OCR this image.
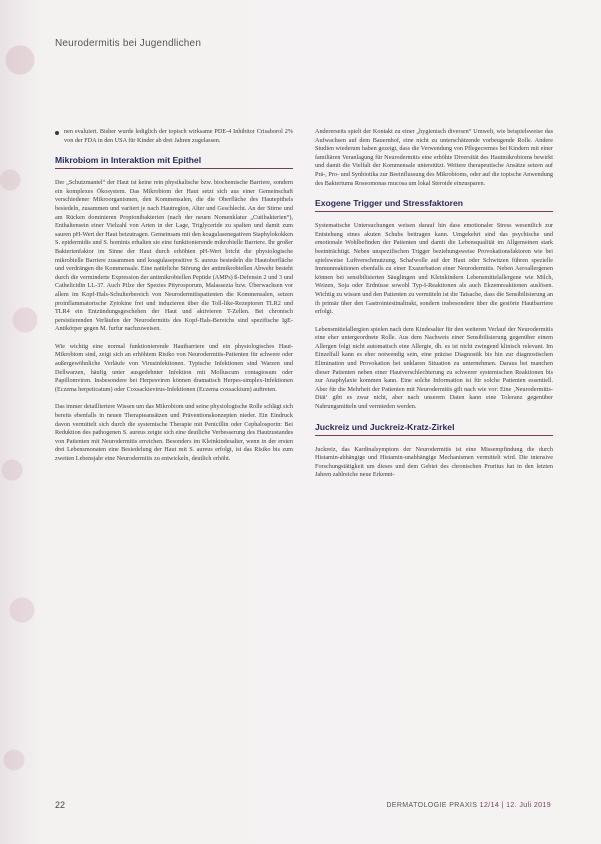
Neurodermitis bei Jugendlichen

nen evaluiert. Bisher wurde lediglich der topisch wirksame PDE-4 Inhibitor Crisaborol 2% von der FDA in den USA für Kinder ab drei Jahren zugelassen.

Mikrobiom in Interaktion mit Epithel

Der „Schutzmantel“ der Haut ist keine rein physikalische bzw. biochemische Barriere, sondern ein komplexes Ökosystem. Das Mikrobiom der Haut setzt sich aus einer Gemeinschaft verschiedener Mikroorganismen, den Kommensalen, die die Oberfläche des Hautepithels besiedeln, zusammen und variiert je nach Hautregion, Alter und Geschlecht. An der Stirne und am Rücken dominieren Propionibakterien (nach der neuen Nomenklatur „Cutibakterien“), Enthaltensein einer Vielzahl von Arten in der Lage, Triglyceride zu spalten und damit zum sauren pH-Wert der Haut beizutragen. Gemeinsam mit den koagulasenegativen Staphylokokken S. epidermidis und S. hominis erhalten sie eine funktionierende mikrobielle Barriere. Ihr großer Bakterienfaktor im Sinne der Haut durch erhöhten pH-Wert bricht die physiologische mikrobielle Barriere zusammen und koagulasepositive S. aureus besiedeln die Hautoberfläche und verdrängen die Kommensale. Eine natürliche Störung der antimikrobiellen Abwehr besteht durch die verminderte Expression der antimikrobiellen Peptide (AMPs) ß-Defensin 2 und 3 und Cathelicidin LL-37. Auch Pilze der Spezies Pityrosporum, Malassezia bzw. Überwachsen vor allem im Kopf-Hals-Schulterbereich von Neurodermitispatienten die Kommensalen, setzen proinflammatorische Zytokine frei und induzieren über die Toll-like-Rezeptoren TLR2 und TLR4 ein Entzündungsgeschehen der Haut und aktivieren T-Zellen. Bei chronisch persistierenden Verläufen der Neurodermitis des Kopf-Hals-Bereichs sind spezifische IgE-Antikörper gegen M. furfur nachzuweisen.

Wie wichtig eine normal funktionierende Hautbarriere und ein physiologisches Haut-Mikrobiom sind, zeigt sich an erhöhtem Risiko von Neurodermitis-Patienten für schwere oder außergewöhnliche Verläufe von Virusinfektionen. Typische Infektionen sind Warzen und Dellwarzen, häufig unter ausgedehnter Infektion mit Molluscum contagiosum oder Papillomviren. Insbesondere bei Herpesviren können dramatisch Herpes-simplex-Infektionen (Eczema herpeticatum) oder Coxsackievirus-Infektionen (Eczema coxsackium) auftreten.

Das immer detailliertere Wissen um das Mikrobiom und seine physiologische Rolle schlägt sich bereits ebenfalls in neuen Therapieansätzen und Präventionskonzepten nieder. Ein Eindruck davon vermittelt sich durch die systemische Therapie mit Penicillin oder Cephalosporin: Bei Reduktion des pathogenen S. aureus zeigte sich eine deutliche Verbesserung des Hautzustandes von Patienten mit Neurodermitis erreichen. Besonders im Kleinkindesalter, wenn in der ersten drei Lebensmonaten eine Besiedelung der Haut mit S. aureus erfolgt, ist das Risiko bis zum zweiten Lebensjahr eine Neurodermitis zu entwickeln, deutlich erhöht.

Andererseits spielt der Kontakt zu einer „hygienisch diversen“ Umwelt, wie beispielsweise das Aufwachsen auf dem Bauernhof, eine nicht zu unterschätzende vorbeugende Rolle. Andere Studien wiederum haben gezeigt, dass die Verwendung von Pflegecremes bei Kindern mit einer familiären Veranlagung für Neurodermitis eine erhöhte Diversität des Hautmikrobioms bewirkt und damit die Vielfalt der Kommensale unterstützt. Weitere therapeutische Ansätze setzen auf Prä-, Pro- und Synbiotika zur Beeinflussung des Mikrobioms, oder auf die topische Anwendung des Bakteriums Roseomonas mucosa um lokal Steroide einzusparen.

Exogene Trigger und Stressfaktoren

Systematische Untersuchungen weisen darauf hin dass emotionaler Stress wesentlich zur Entstehung eines akuten Schubs beitragen kann. Umgekehrt sind das psychische und emotionale Wohlbefinden der Patienten und damit die Lebensqualität im Allgemeinen stark beeinträchtigt. Neben unspezifischen Trigger beziehungsweise Provokationsfaktoren wie bei spielsweise Luftverschmutzung, Schafwolle auf der Haut oder Schwitzen führen spezielle Immunreaktionen ebenfalls zu einer Exazerbation einer Neurodermitis. Neben Aeroallergenen können bei sensibilisierten Säuglingen und Kleinkindern Lebensmittelallergene wie Milch, Weizen, Soja oder Erdnüsse sowohl Typ-I-Reaktionen als auch Ekzemreaktionen auslösen. Wichtig zu wissen und den Patienten zu vermitteln ist die Tatsache, dass die Sensibilisierung an ih primär über den Gastrointestinaltrakt, sondern insbesondere über die gestörte Hautbarriere erfolgt.

Lebensmittelallergien spielen nach dem Kindesalter für den weiteren Verlauf der Neurodermitis eine eher untergeordnete Rolle. Aus dem Nachweis einer Sensibilisierung gegenüber einem Allergen folgt nicht automatisch eine Allergie, dh. es ist nicht zwingend klinisch relevant. Im Einzelfall kann es eher notwendig sein, eine präzise Diagnostik bis hin zur diagnostischen Elimination und Provokation bei unklaren Situation zu unternehmen. Daraus bei manchen dieser Patienten neben einer Hautverschlechterung zu schwerer systemischen Reaktionen bis zur Anaphylaxie kommen kann. Eine solche Information ist für solche Patienten essentiell. Aber für die Mehrheit der Patienten mit Neurodermitis gilt nach wie vor: Eine ‚Neurodermitis-Diät‘ gibt es zwar nicht, aber nach unserem Daten kann eine Toleranz gegenüber Nahrungsmitteln und vermieden werden.

Juckreiz und Juckreiz-Kratz-Zirkel

Juckreiz, das Kardinalsymptom der Neurodermitis ist eine Missempfindung die durch Histamin-abhängige und Histamin-unabhängige Mechanismen vermittelt wird. Die intensive Forschungstätigkeit um dieses und dem Gebiet des chronischen Pruritus hat in den letzten Jahren zahlreiche neue Erkennt-

22	DERMATOLOGIE PRAXIS 12/14 | 12. Juli 2019
